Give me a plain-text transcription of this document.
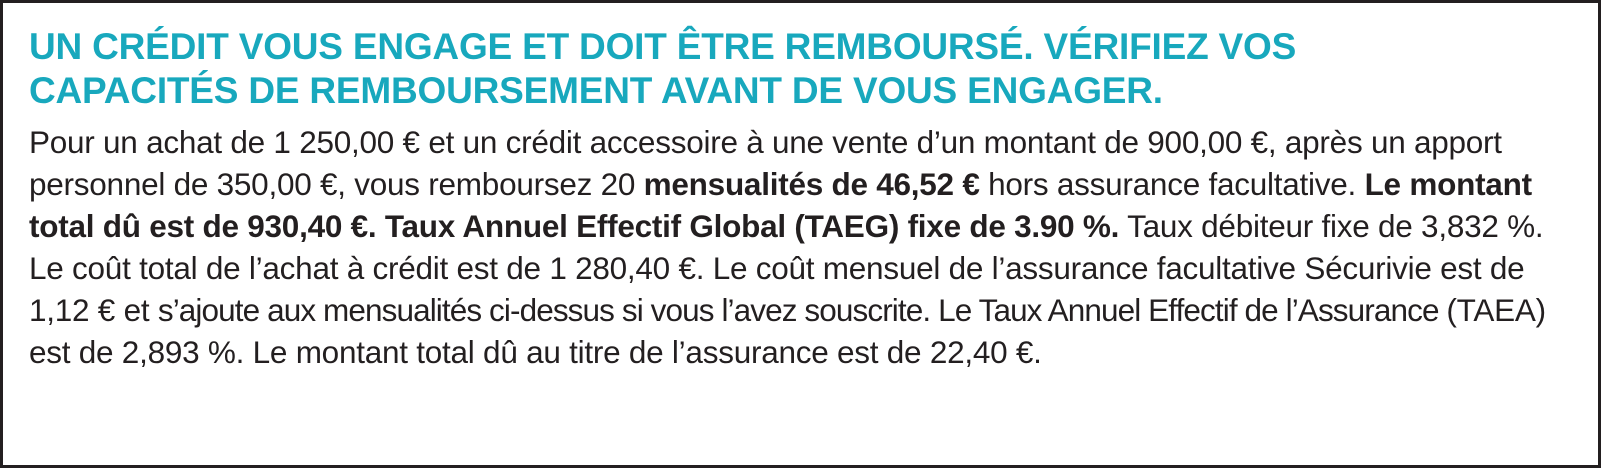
UN CRÉDIT VOUS ENGAGE ET DOIT ÊTRE REMBOURSÉ. VÉRIFIEZ VOS CAPACITÉS DE REMBOURSEMENT AVANT DE VOUS ENGAGER.

Pour un achat de 1 250,00 € et un crédit accessoire à une vente d’un montant de 900,00 €, après un apport personnel de 350,00 €, vous remboursez 20 mensualités de 46,52 € hors assurance facultative. Le montant total dû est de 930,40 €. Taux Annuel Effectif Global (TAEG) fixe de 3.90 %. Taux débiteur fixe de 3,832 %. Le coût total de l’achat à crédit est de 1 280,40 €. Le coût mensuel de l’assurance facultative Sécurivie est de 1,12 € et s’ajoute aux mensualités ci-dessus si vous l’avez souscrite. Le Taux Annuel Effectif de l’Assurance (TAEA) est de 2,893 %. Le montant total dû au titre de l’assurance est de 22,40 €.
